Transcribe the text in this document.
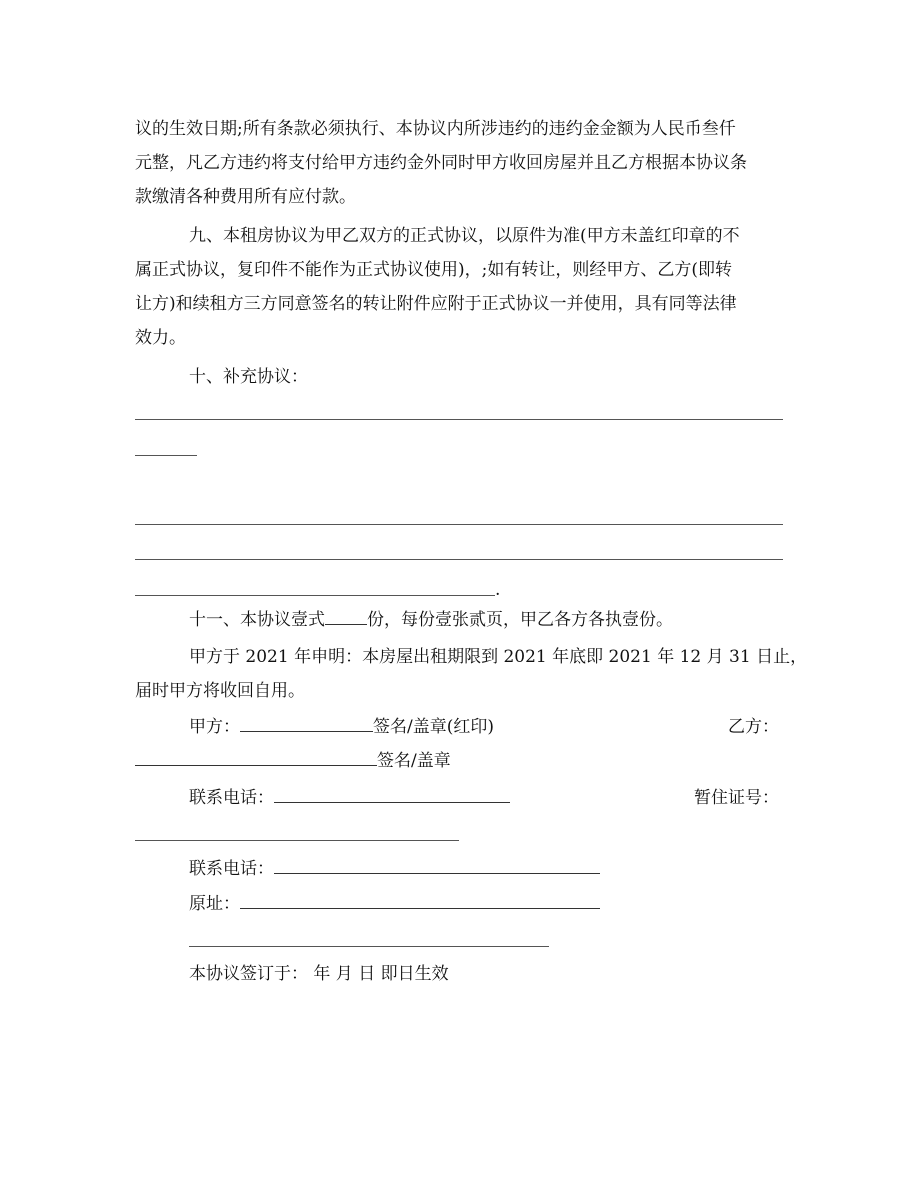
议的生效日期;所有条款必须执行、本协议内所涉违约的违约金金额为人民币叁仟
元整，凡乙方违约将支付给甲方违约金外同时甲方收回房屋并且乙方根据本协议条
款缴清各种费用所有应付款。
九、本租房协议为甲乙双方的正式协议，以原件为准(甲方未盖红印章的不
属正式协议，复印件不能作为正式协议使用)，;如有转让，则经甲方、乙方(即转
让方)和续租方三方同意签名的转让附件应附于正式协议一并使用，具有同等法律
效力。
十、补充协议：
.
十一、本协议壹式 份，每份壹张贰页，甲乙各方各执壹份。
甲方于 2021 年申明：本房屋出租期限到 2021 年底即 2021 年 12 月 31 日止，
届时甲方将收回自用。
甲方：	签名/盖章(红印)	乙方：
签名/盖章
联系电话：	暂住证号：
联系电话：
原址：
本协议签订于： 年 月 日 即日生效
